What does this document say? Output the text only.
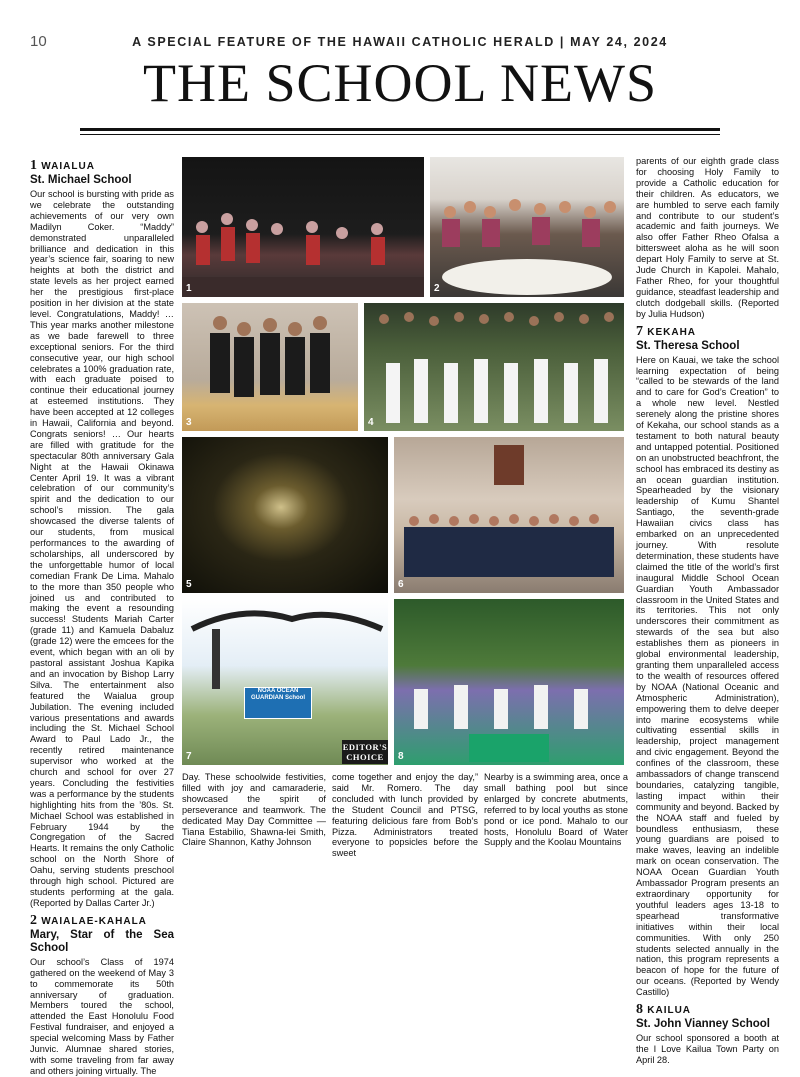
10	A SPECIAL FEATURE OF THE HAWAII CATHOLIC HERALD | MAY 24, 2024
THE SCHOOL NEWS
1 WAIALUA
St. Michael School

Our school is bursting with pride as we celebrate the outstanding achievements of our very own Madilyn Coker. “Maddy” demonstrated unparalleled brilliance and dedication in this year’s science fair, soaring to new heights at both the district and state levels as her project earned her the prestigious first-place position in her division at the state level. Congratulations, Maddy! … This year marks another milestone as we bade farewell to three exceptional seniors. For the third consecutive year, our high school celebrates a 100% graduation rate, with each graduate poised to continue their educational journey at esteemed institutions. They have been accepted at 12 colleges in Hawaii, California and beyond. Congrats seniors! … Our hearts are filled with gratitude for the spectacular 80th anniversary Gala Night at the Hawaii Okinawa Center April 19. It was a vibrant celebration of our community’s spirit and the dedication to our school’s mission. The gala showcased the diverse talents of our students, from musical performances to the awarding of scholarships, all underscored by the unforgettable humor of local comedian Frank De Lima. Mahalo to the more than 350 people who joined us and contributed to making the event a resounding success! Students Mariah Carter (grade 11) and Kamuela Dabaluz (grade 12) were the emcees for the event, which began with an oli by pastoral assistant Joshua Kapika and an invocation by Bishop Larry Silva. The entertainment also featured the Waialua group Jubilation. The evening included various presentations and awards including the St. Michael School Award to Paul Lado Jr., the recently retired maintenance supervisor who worked at the church and school for over 27 years. Concluding the festivities was a performance by the students highlighting hits from the ’80s. St. Michael School was established in February 1944 by the Congregation of the Sacred Hearts. It remains the only Catholic school on the North Shore of Oahu, serving students preschool through high school. Pictured are students performing at the gala. (Reported by Dallas Carter Jr.)

2 WAIALAE-KAHALA
Mary, Star of the Sea School

Our school’s Class of 1974 gathered on the weekend of May 3 to commemorate its 50th anniversary of graduation. Members toured the school, attended the East Honolulu Food Festival fundraiser, and enjoyed a special welcoming Mass by Father Junvic. Alumnae shared stories, with some traveling from far away and others joining virtually. The

1	2
3	4
5	6
7
NOAA OCEAN GUARDIAN School
EDITOR'S CHOICE	8

parents of our eighth grade class for choosing Holy Family to provide a Catholic education for their children. As educators, we are humbled to serve each family and contribute to our student’s academic and faith journeys. We also offer Father Rheo Ofalsa a bittersweet aloha as he will soon depart Holy Family to serve at St. Jude Church in Kapolei. Mahalo, Father Rheo, for your thoughtful guidance, steadfast leadership and clutch dodgeball skills. (Reported by Julia Hudson)

7 KEKAHA
St. Theresa School

Here on Kauai, we take the school learning expectation of being “called to be stewards of the land and to care for God’s Creation” to a whole new level. Nestled serenely along the pristine shores of Kekaha, our school stands as a testament to both natural beauty and untapped potential. Positioned on an unobstructed beachfront, the school has embraced its destiny as an ocean guardian institution. Spearheaded by the visionary leadership of Kumu Shantel Santiago, the seventh-grade Hawaiian civics class has embarked on an unprecedented journey. With resolute determination, these students have claimed the title of the world’s first inaugural Middle School Ocean Guardian Youth Ambassador classroom in the United States and its territories. This not only underscores their commitment as stewards of the sea but also establishes them as pioneers in global environmental leadership, granting them unparalleled access to the wealth of resources offered by NOAA (National Oceanic and Atmospheric Administration), empowering them to delve deeper into marine ecosystems while cultivating essential skills in leadership, project management and civic engagement. Beyond the confines of the classroom, these ambassadors of change transcend boundaries, catalyzing tangible, lasting impact within their community and beyond. Backed by the NOAA staff and fueled by boundless enthusiasm, these young guardians are poised to make waves, leaving an indelible mark on ocean conservation. The NOAA Ocean Guardian Youth Ambassador Program presents an extraordinary opportunity for youthful leaders ages 13-18 to spearhead transformative initiatives within their local communities. With only 250 students selected annually in the nation, this program represents a beacon of hope for the future of our oceans. (Reported by Wendy Castillo)

8 KAILUA
St. John Vianney School

Our school sponsored a booth at the I Love Kailua Town Party on April 28.

Day. These schoolwide festivities, filled with joy and camaraderie, showcased the spirit of perseverance and teamwork. The dedicated May Day Committee — Tiana Estabilio, Shawna-lei Smith, Claire Shannon, Kathy Johnson

come together and enjoy the day,” said Mr. Romero. The day concluded with lunch provided by the Student Council and PTSG, featuring delicious fare from Bob’s Pizza. Administrators treated everyone to popsicles before the sweet

Nearby is a swimming area, once a small bathing pool but since enlarged by concrete abutments, referred to by local youths as stone pond or ice pond. Mahalo to our hosts, Honolulu Board of Water Supply and the Koolau Mountains
